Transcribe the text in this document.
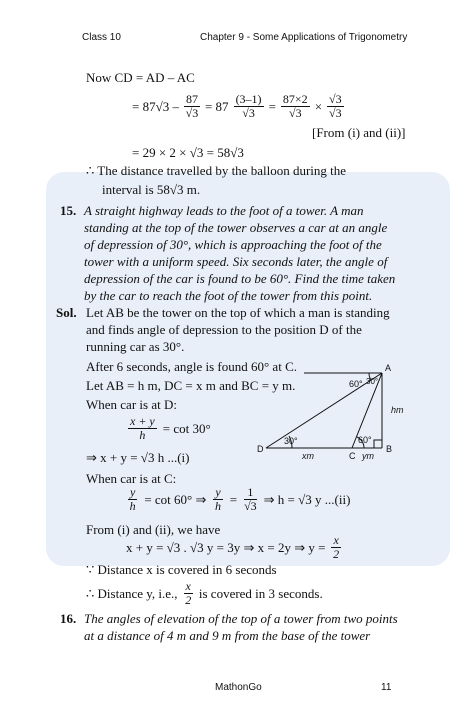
Class 10	Chapter 9 - Some Applications of Trigonometry
Now CD = AD – AC
= $87√3 - \frac{87}{√3} = 87 \frac{(3-1)}{√3} = \frac{87\times 2}{√3} \times \frac{√3}{√3}$
[From (i) and (ii)]
= 29 × 2 × √3 = 58√3
∴ The distance travelled by the balloon during the
interval is 58√3 m.
15. A straight highway leads to the foot of a tower. A man
standing at the top of the tower observes a car at an angle
of depression of 30°, which is approaching the foot of the
tower with a uniform speed. Six seconds later, the angle of
depression of the car is found to be 60°. Find the time taken
by the car to reach the foot of the tower from this point.
Sol. Let AB be the tower on the top of which a man is standing
and finds angle of depression to the position D of the
running car as 30°.
After 6 seconds, angle is found 60° at C.
Let AB = h m, DC = x m and BC = y m.
When car is at D:
$\frac{x + y}{h} = \cot 30^\circ$
⇒ x + y = √3 h ...(i)
When car is at C:
$\frac{y}{h} = \cot 60^\circ$ ⇒ $\frac{y}{h} = \frac{1}{√3}$ ⇒ h = √3 y ...(ii)
From (i) and (ii), we have
x + y = √3 . √3 y = 3y ⇒ x = 2y ⇒ $y = \frac{x}{2}$
∵ Distance x is covered in 6 seconds
∴ Distance y, i.e., $\frac{x}{2}$ is covered in 3 seconds.
16. The angles of elevation of the top of a tower from two points
at a distance of 4 m and 9 m from the base of the tower
A
B
C
D
60° 30°
30°	60°
hm
xm	ym
MathonGo	11
